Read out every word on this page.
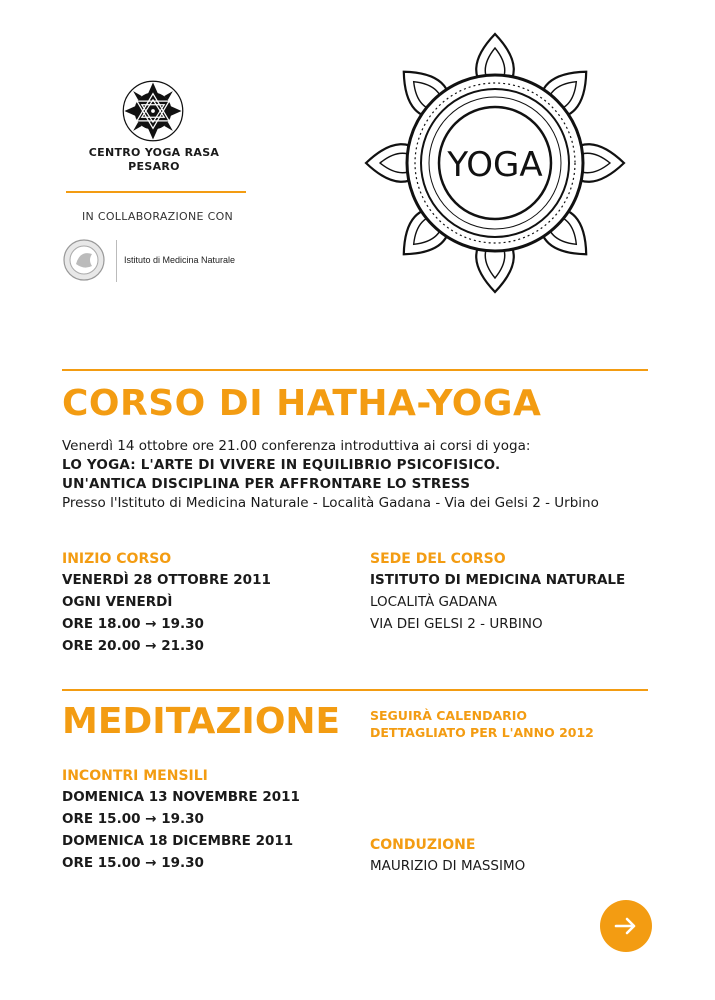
CENTRO YOGA RASA
PESARO
IN COLLABORAZIONE CON
Istituto di Medicina Naturale
YOGA
CORSO DI HATHA-YOGA
Venerdì 14 ottobre ore 21.00 conferenza introduttiva ai corsi di yoga:
LO YOGA: L'ARTE DI VIVERE IN EQUILIBRIO PSICOFISICO.
UN'ANTICA DISCIPLINA PER AFFRONTARE LO STRESS
Presso l'Istituto di Medicina Naturale - Località Gadana - Via dei Gelsi 2 - Urbino
INIZIO CORSO
VENERDÌ 28 OTTOBRE 2011
OGNI VENERDÌ
ORE 18.00 → 19.30
ORE 20.00 → 21.30
SEDE DEL CORSO
ISTITUTO DI MEDICINA NATURALE
LOCALITÀ GADANA
VIA DEI GELSI 2 - URBINO
MEDITAZIONE SEGUIRÀ CALENDARIO
DETTAGLIATO PER L'ANNO 2012
INCONTRI MENSILI
DOMENICA 13 NOVEMBRE 2011
ORE 15.00 → 19.30
DOMENICA 18 DICEMBRE 2011
ORE 15.00 → 19.30
CONDUZIONE
MAURIZIO DI MASSIMO
